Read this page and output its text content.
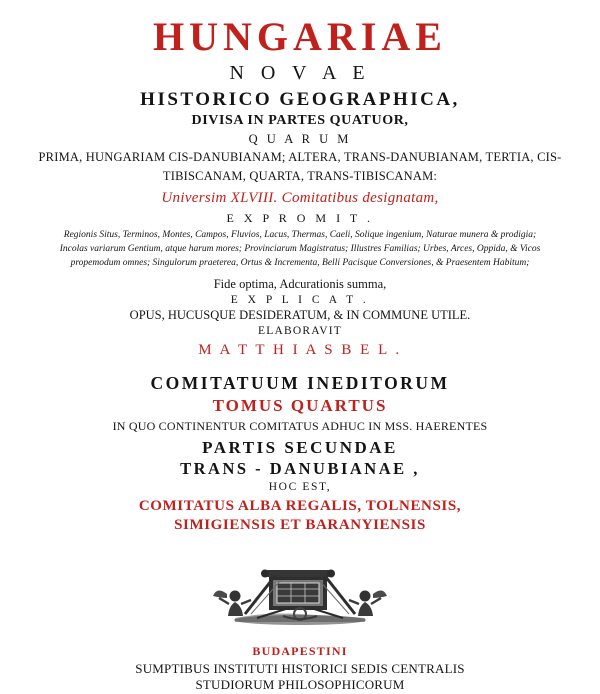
HUNGARIAE
N O V A E
HISTORICO GEOGRAPHICA,
DIVISA IN PARTES QUATUOR,
Q U A R U M
PRIMA, HUNGARIAM CIS-DANUBIANAM; ALTERA, TRANS-DANUBIANAM, TERTIA, CIS-
TIBISCANAM, QUARTA, TRANS-TIBISCANAM:
Universim XLVIII. Comitatibus designatam,
E X P R O M I T .
Regionis Situs, Terminos, Montes, Campos, Fluvios, Lacus, Thermas, Caeli, Solique ingenium, Naturae munera & prodigia;
Incolas variarum Gentium, atque harum mores; Provinciarum Magistratus; Illustres Familias; Urbes, Arces, Oppida, & Vicos
propemodum omnes; Singulorum praeterea, Ortus & Incrementa, Belli Pacisque Conversiones, & Praesentem Habitum;
Fide optima, Adcurationis summa,
E X P L I C A T .
OPUS, HUCUSQUE DESIDERATUM, & IN COMMUNE UTILE.
ELABORAVIT
M A T T H I A S B E L .
COMITATUUM INEDITORUM
TOMUS QUARTUS
IN QUO CONTINENTUR COMITATUS ADHUC IN MSS. HAERENTES
PARTIS SECUNDAE
TRANS - DANUBIANAE ,
HOC EST,
COMITATUS ALBA REGALIS, TOLNENSIS,
SIMIGIENSIS ET BARANYIENSIS
BUDAPESTINI
SUMPTIBUS INSTITUTI HISTORICI SEDIS CENTRALIS
STUDIORUM PHILOSOPHICORUM
